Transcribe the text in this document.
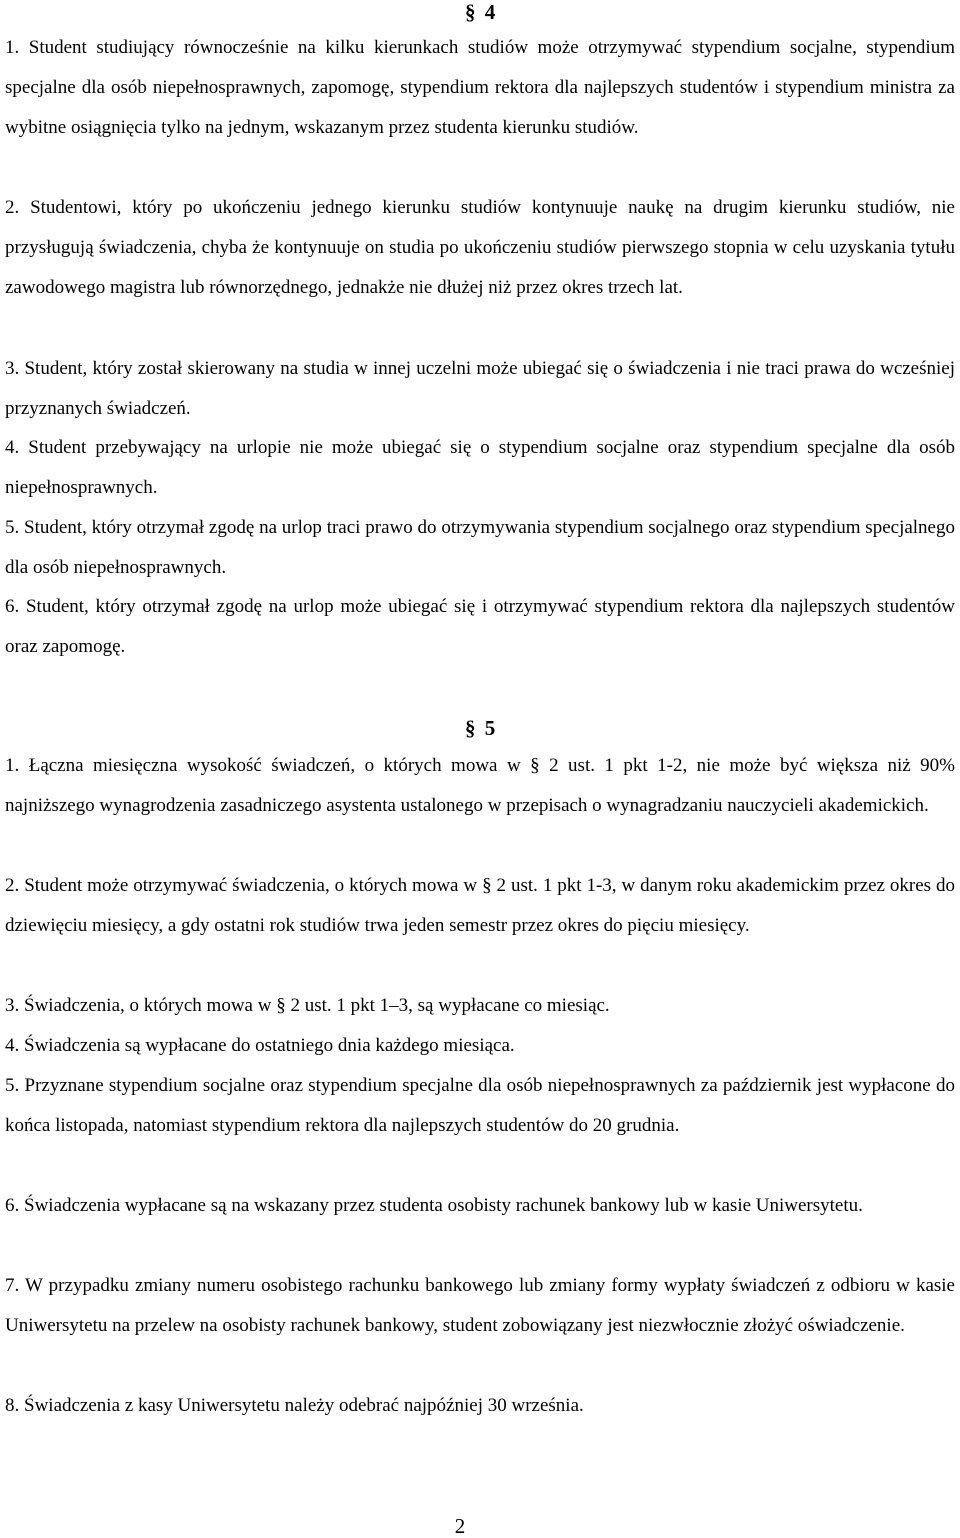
§ 4

1. Student studiujący równocześnie na kilku kierunkach studiów może otrzymywać stypendium socjalne, stypendium specjalne dla osób niepełnosprawnych, zapomogę, stypendium rektora dla najlepszych studentów i stypendium ministra za wybitne osiągnięcia tylko na jednym, wskazanym przez studenta kierunku studiów.

2. Studentowi, który po ukończeniu jednego kierunku studiów kontynuuje naukę na drugim kierunku studiów, nie przysługują świadczenia, chyba że kontynuuje on studia po ukończeniu studiów pierwszego stopnia w celu uzyskania tytułu zawodowego magistra lub równorzędnego, jednakże nie dłużej niż przez okres trzech lat.

3. Student, który został skierowany na studia w innej uczelni może ubiegać się o świadczenia i nie traci prawa do wcześniej przyznanych świadczeń.

4. Student przebywający na urlopie nie może ubiegać się o stypendium socjalne oraz stypendium specjalne dla osób niepełnosprawnych.

5. Student, który otrzymał zgodę na urlop traci prawo do otrzymywania stypendium socjalnego oraz stypendium specjalnego dla osób niepełnosprawnych.

6. Student, który otrzymał zgodę na urlop może ubiegać się i otrzymywać stypendium rektora dla najlepszych studentów oraz zapomogę.

§ 5

1. Łączna miesięczna wysokość świadczeń, o których mowa w § 2 ust. 1 pkt 1-2, nie może być większa niż 90% najniższego wynagrodzenia zasadniczego asystenta ustalonego w przepisach o wynagradzaniu nauczycieli akademickich.

2. Student może otrzymywać świadczenia, o których mowa w § 2 ust. 1 pkt 1-3, w danym roku akademickim przez okres do dziewięciu miesięcy, a gdy ostatni rok studiów trwa jeden semestr przez okres do pięciu miesięcy.

3. Świadczenia, o których mowa w § 2 ust. 1 pkt 1–3, są wypłacane co miesiąc.

4. Świadczenia są wypłacane do ostatniego dnia każdego miesiąca.

5. Przyznane stypendium socjalne oraz stypendium specjalne dla osób niepełnosprawnych za październik jest wypłacone do końca listopada, natomiast stypendium rektora dla najlepszych studentów do 20 grudnia.

6. Świadczenia wypłacane są na wskazany przez studenta osobisty rachunek bankowy lub w kasie Uniwersytetu.

7. W przypadku zmiany numeru osobistego rachunku bankowego lub zmiany formy wypłaty świadczeń z odbioru w kasie Uniwersytetu na przelew na osobisty rachunek bankowy, student zobowiązany jest niezwłocznie złożyć oświadczenie.

8. Świadczenia z kasy Uniwersytetu należy odebrać najpóźniej 30 września.

2
